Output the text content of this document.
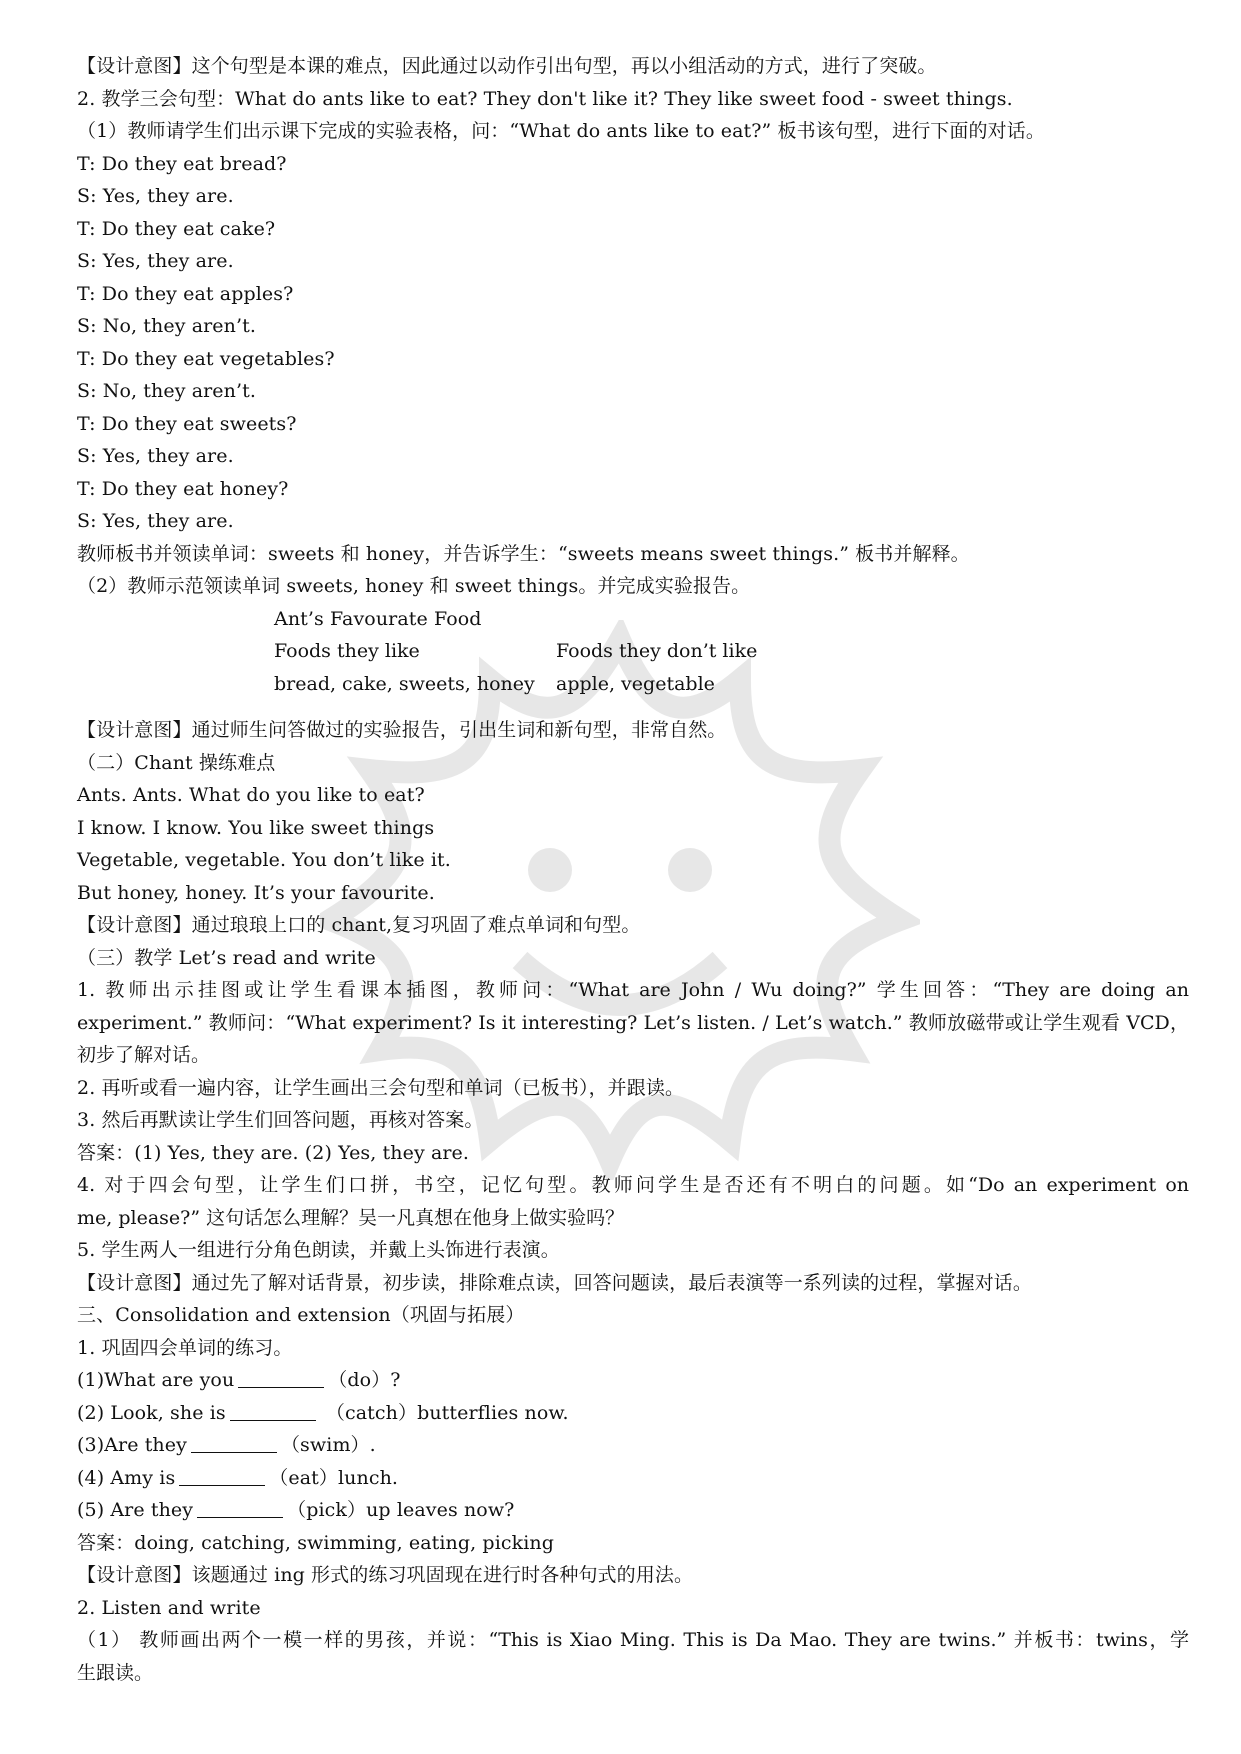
【设计意图】这个句型是本课的难点，因此通过以动作引出句型，再以小组活动的方式，进行了突破。
2. 教学三会句型：What do ants like to eat? They don't like it? They like sweet food - sweet things.
（1）教师请学生们出示课下完成的实验表格，问：“What do ants like to eat?” 板书该句型，进行下面的对话。
T: Do they eat bread?
S: Yes, they are.
T: Do they eat cake?
S: Yes, they are.
T: Do they eat apples?
S: No, they aren’t.
T: Do they eat vegetables?
S: No, they aren’t.
T: Do they eat sweets?
S: Yes, they are.
T: Do they eat honey?
S: Yes, they are.
教师板书并领读单词：sweets 和 honey，并告诉学生：“sweets means sweet things.” 板书并解释。
（2）教师示范领读单词 sweets, honey 和 sweet things。并完成实验报告。
Ant’s Favourate Food
Foods they like	Foods they don’t like
bread, cake, sweets, honey	apple, vegetable
【设计意图】通过师生问答做过的实验报告，引出生词和新句型，非常自然。
（二）Chant 操练难点
Ants. Ants. What do you like to eat?
I know. I know. You like sweet things
Vegetable, vegetable. You don’t like it.
But honey, honey. It’s your favourite.
【设计意图】通过琅琅上口的 chant,复习巩固了难点单词和句型。
（三）教学 Let’s read and write
1. 教师出示挂图或让学生看课本插图，教师问：“What are John / Wu doing?” 学生回答：“They are doing an
experiment.” 教师问：“What experiment? Is it interesting? Let’s listen. / Let’s watch.” 教师放磁带或让学生观看 VCD，
初步了解对话。
2. 再听或看一遍内容，让学生画出三会句型和单词（已板书），并跟读。
3. 然后再默读让学生们回答问题，再核对答案。
答案：(1) Yes, they are. (2) Yes, they are.
4. 对于四会句型，让学生们口拼，书空，记忆句型。教师问学生是否还有不明白的问题。如“Do an experiment on
me, please?” 这句话怎么理解？吴一凡真想在他身上做实验吗？
5. 学生两人一组进行分角色朗读，并戴上头饰进行表演。
【设计意图】通过先了解对话背景，初步读，排除难点读，回答问题读，最后表演等一系列读的过程，掌握对话。
三、Consolidation and extension（巩固与拓展）
1. 巩固四会单词的练习。
(1)What are you	（do）?
(2) Look, she is	（catch）butterflies now.
(3)Are they	（swim）.
(4) Amy is	（eat）lunch.
(5) Are they	（pick）up leaves now?
答案：doing, catching, swimming, eating, picking
【设计意图】该题通过 ing 形式的练习巩固现在进行时各种句式的用法。
2. Listen and write
（1） 教师画出两个一模一样的男孩，并说：“This is Xiao Ming. This is Da Mao. They are twins.” 并板书：twins，学
生跟读。
